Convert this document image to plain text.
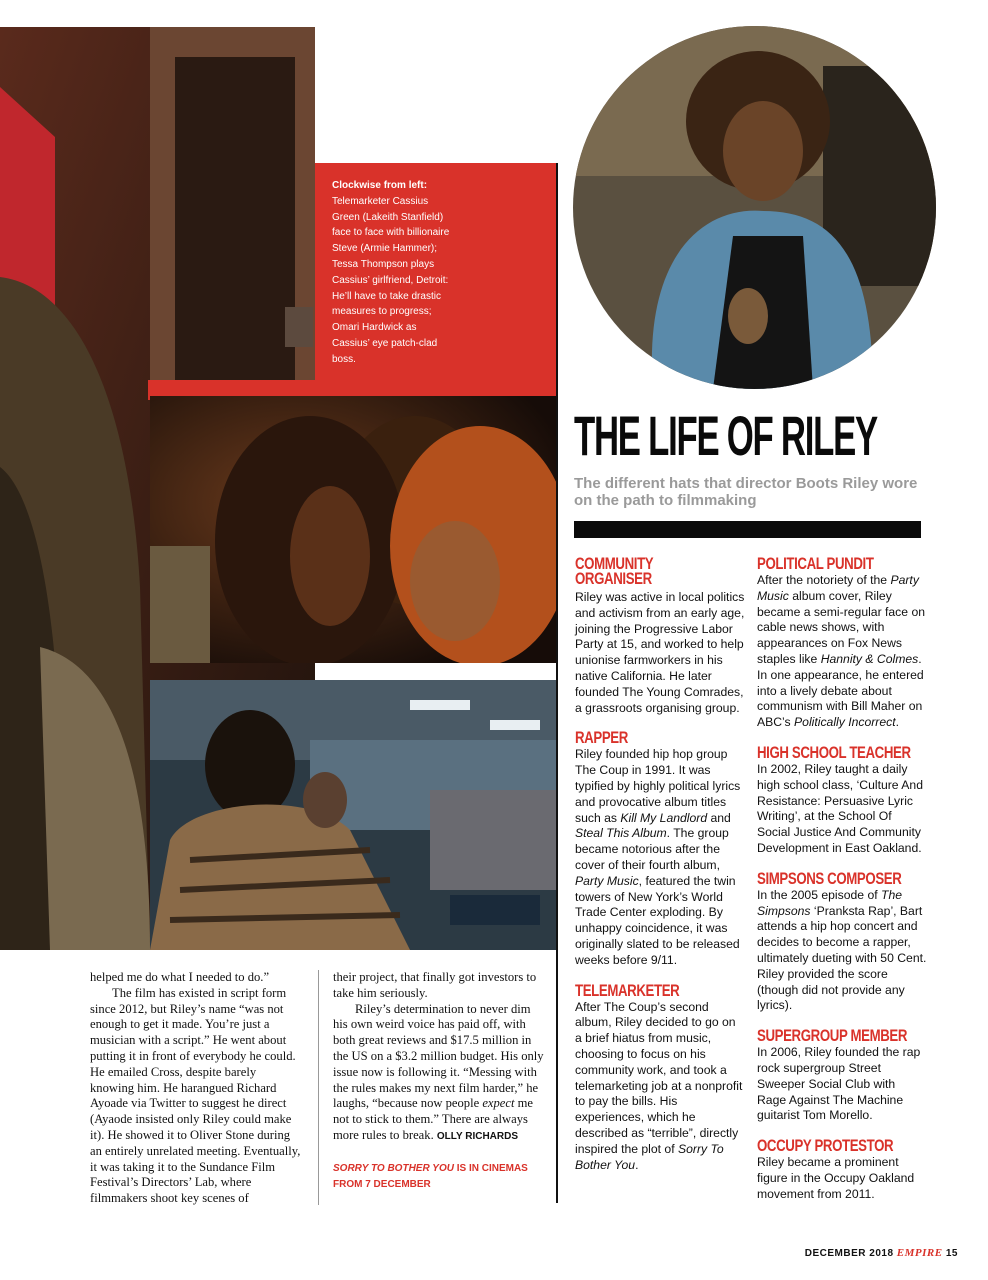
Clockwise from left:
Telemarketer Cassius Green (Lakeith Stanfield) face to face with billionaire Steve (Armie Hammer); Tessa Thompson plays Cassius’ girlfriend, Detroit: He’ll have to take drastic measures to progress; Omari Hardwick as Cassius’ eye patch-clad boss.
THE LIFE OF RILEY
The different hats that director Boots Riley wore on the path to filmmaking
COMMUNITY ORGANISER

Riley was active in local politics and activism from an early age, joining the Progressive Labor Party at 15, and worked to help unionise farmworkers in his native California. He later founded The Young Comrades, a grassroots organising group.

RAPPER

Riley founded hip hop group The Coup in 1991. It was typified by highly political lyrics and provocative album titles such as Kill My Landlord and Steal This Album. The group became notorious after the cover of their fourth album, Party Music, featured the twin towers of New York’s World Trade Center exploding. By unhappy coincidence, it was originally slated to be released weeks before 9/11.

TELEMARKETER

After The Coup’s second album, Riley decided to go on a brief hiatus from music, choosing to focus on his community work, and took a telemarketing job at a nonprofit to pay the bills. His experiences, which he described as “terrible”, directly inspired the plot of Sorry To Bother You.

POLITICAL PUNDIT

After the notoriety of the Party Music album cover, Riley became a semi-regular face on cable news shows, with appearances on Fox News staples like Hannity & Colmes. In one appearance, he entered into a lively debate about communism with Bill Maher on ABC’s Politically Incorrect.

HIGH SCHOOL TEACHER

In 2002, Riley taught a daily high school class, ‘Culture And Resistance: Persuasive Lyric Writing’, at the School Of Social Justice And Community Development in East Oakland.

SIMPSONS COMPOSER

In the 2005 episode of The Simpsons ‘Pranksta Rap’, Bart attends a hip hop concert and decides to become a rapper, ultimately dueting with 50 Cent. Riley provided the score (though did not provide any lyrics).

SUPERGROUP MEMBER

In 2006, Riley founded the rap rock supergroup Street Sweeper Social Club with Rage Against The Machine guitarist Tom Morello.

OCCUPY PROTESTOR

Riley became a prominent figure in the Occupy Oakland movement from 2011.

helped me do what I needed to do.”

The film has existed in script form since 2012, but Riley’s name “was not enough to get it made. You’re just a musician with a script.” He went about putting it in front of everybody he could. He emailed Cross, despite barely knowing him. He harangued Richard Ayoade via Twitter to suggest he direct (Ayaode insisted only Riley could make it). He showed it to Oliver Stone during an entirely unrelated meeting. Eventually, it was taking it to the Sundance Film Festival’s Directors’ Lab, where filmmakers shoot key scenes of

their project, that finally got investors to take him seriously.

Riley’s determination to never dim his own weird voice has paid off, with both great reviews and $17.5 million in the US on a $3.2 million budget. His only issue now is following it. “Messing with the rules makes my next film harder,” he laughs, “because now people expect me not to stick to them.” There are always more rules to break. OLLY RICHARDS

SORRY TO BOTHER YOU IS IN CINEMAS FROM 7 DECEMBER

DECEMBER 2018 EMPIRE 15
